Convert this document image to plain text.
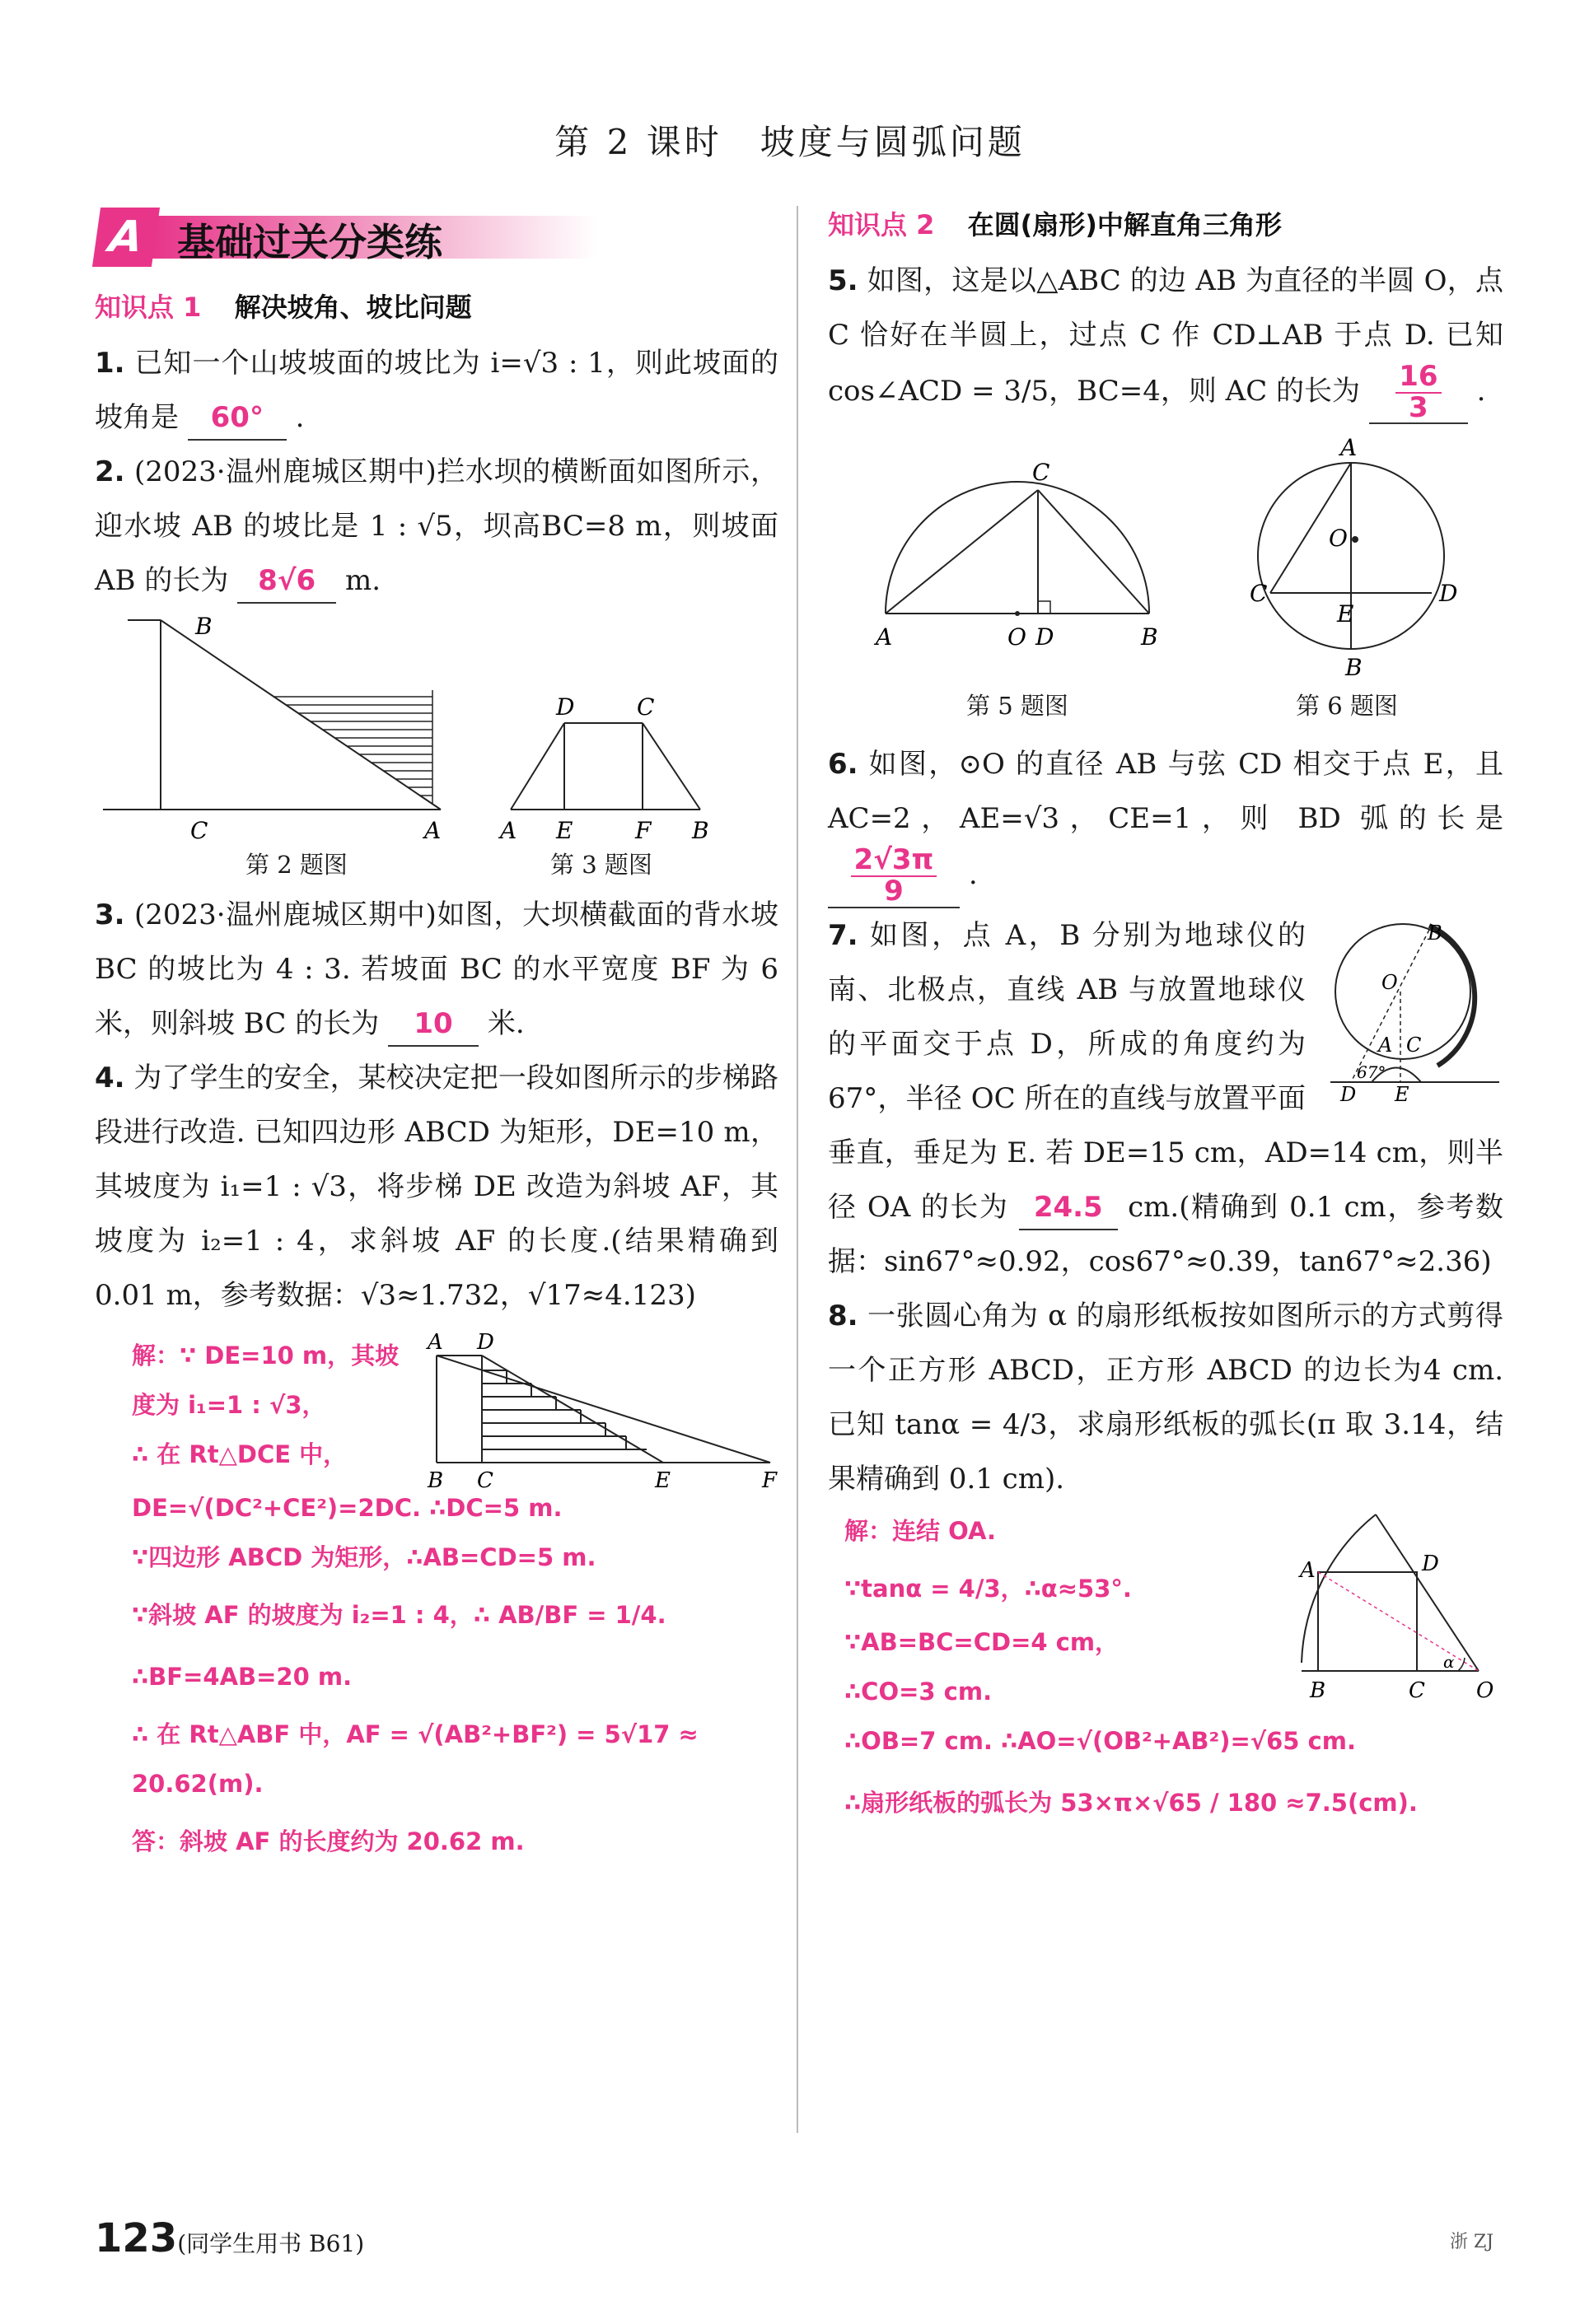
第 2 课时　坡度与圆弧问题
A 基础过关分类练
知识点 1 解决坡角、坡比问题
1. 已知一个山坡坡面的坡比为 i=√3 : 1，则此坡面的坡角是 60° .
2. (2023·温州鹿城区期中)拦水坝的横断面如图所示，迎水坡 AB 的坡比是 1 : √5，坝高BC=8 m，则坡面 AB 的长为 8√6 m.
B
C	A
D	C
A E	F B
第 2 题图	第 3 题图
3. (2023·温州鹿城区期中)如图，大坝横截面的背水坡 BC 的坡比为 4 : 3. 若坡面 BC 的水平宽度 BF 为 6 米，则斜坡 BC 的长为 10 米.
4. 为了学生的安全，某校决定把一段如图所示的步梯路段进行改造. 已知四边形 ABCD 为矩形，DE=10 m，其坡度为 i₁=1 : √3，将步梯 DE 改造为斜坡 AF，其坡度为 i₂=1 : 4，求斜坡 AF 的长度.(结果精确到 0.01 m，参考数据：√3≈1.732，√17≈4.123)
A D
B C	E	F
解：∵ DE=10 m，其坡度为 i₁=1 : √3，
∴ 在 Rt△DCE 中，
DE=√(DC²+CE²)=2DC. ∴DC=5 m.
∵四边形 ABCD 为矩形，∴AB=CD=5 m.
∵斜坡 AF 的坡度为 i₂=1 : 4，∴ AB/BF = 1/4.
∴BF=4AB=20 m.
∴ 在 Rt△ABF 中，AF = √(AB²+BF²) = 5√17 ≈ 20.62(m).
答：斜坡 AF 的长度约为 20.62 m.
知识点 2 在圆(扇形)中解直角三角形
5. 如图，这是以△ABC 的边 AB 为直径的半圆 O，点 C 恰好在半圆上，过点 C 作 CD⊥AB 于点 D. 已知 cos∠ACD = 3/5，BC=4，则 AC 的长为 $\frac{16}{3}$ .
C
A	O D	B
A
O
C
E
D
B
第 5 题图	第 6 题图
6. 如图，⊙O 的直径 AB 与弦 CD 相交于点 E，且 AC=2，AE=√3，CE=1，则 BD 弧的长是
$\frac{2√3\pi}{9}$ .
B
O
A C
D
67°
E
7. 如图，点 A，B 分别为地球仪的南、北极点，直线 AB 与放置地球仪的平面交于点 D，所成的角度约为 67°，半径 OC 所在的直线与放置平面垂直，垂足为 E. 若 DE=15 cm，AD=14 cm，则半径 OA 的长为 24.5 cm.(精确到 0.1 cm，参考数据：sin67°≈0.92，cos67°≈0.39，tan67°≈2.36)
8. 一张圆心角为 α 的扇形纸板按如图所示的方式剪得一个正方形 ABCD，正方形 ABCD 的边长为4 cm. 已知 tanα = 4/3，求扇形纸板的弧长(π 取 3.14，结果精确到 0.1 cm).
A	D
B	C O
α
解：连结 OA.
∵tanα = 4/3，∴α≈53°.
∵AB=BC=CD=4 cm，
∴CO=3 cm.
∴OB=7 cm. ∴AO=√(OB²+AB²)=√65 cm.
∴扇形纸板的弧长为 53×π×√65 / 180 ≈7.5(cm).
123(同学生用书 B61)	浙 ZJ
